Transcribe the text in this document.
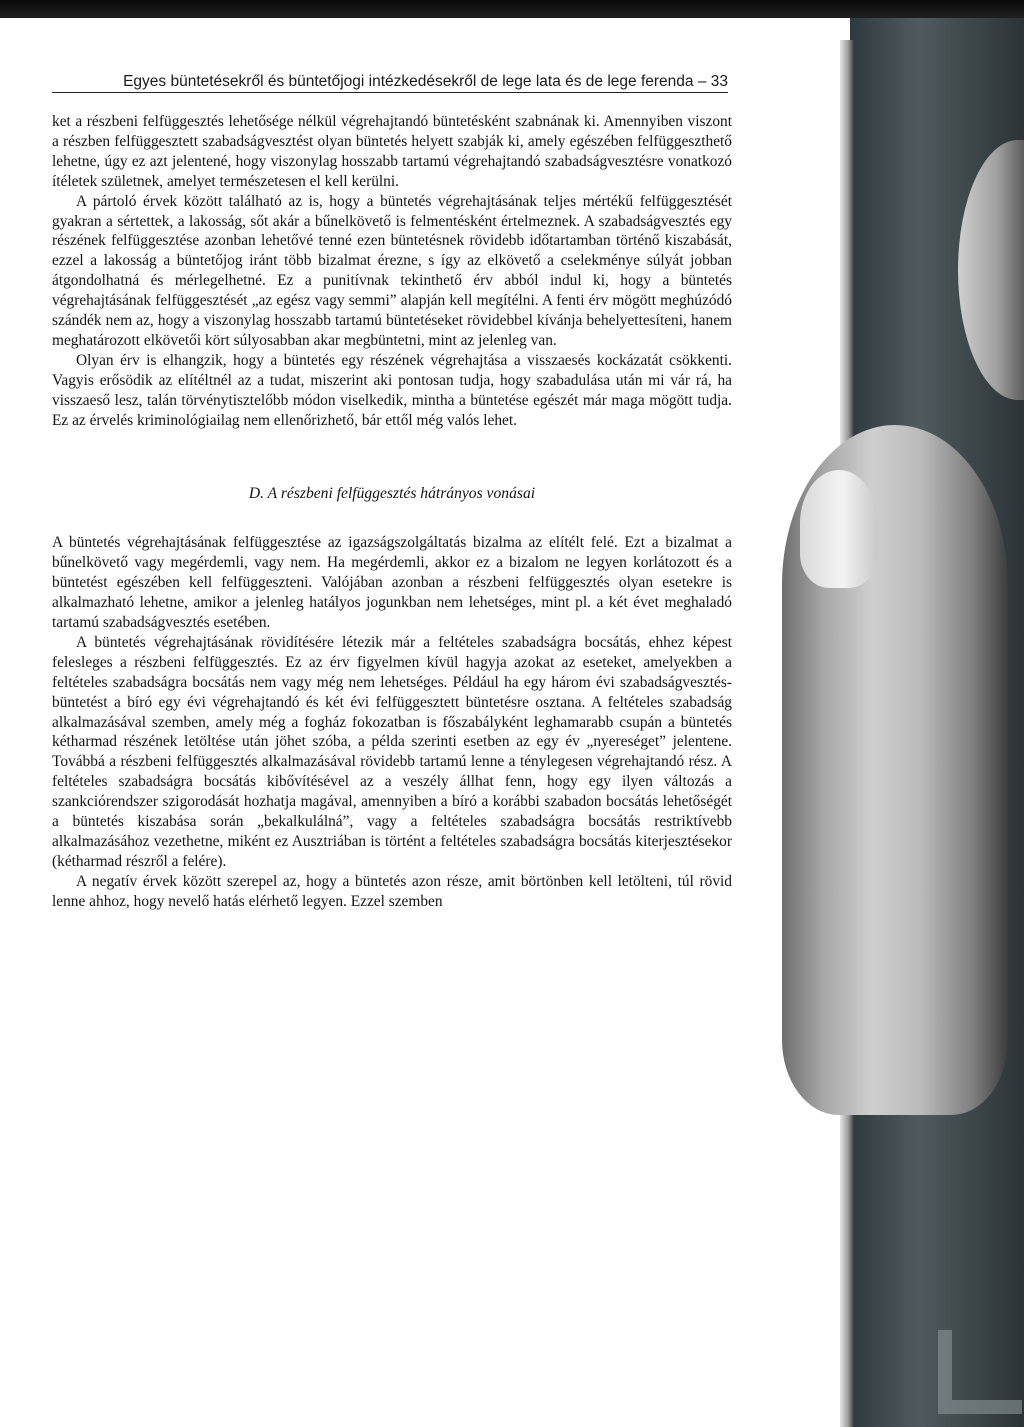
Egyes büntetésekről és büntetőjogi intézkedésekről de lege lata és de lege ferenda – 33

ket a részbeni felfüggesztés lehetősége nélkül végrehajtandó büntetésként szabnának ki. Amennyiben viszont a részben felfüggesztett szabadságvesztést olyan büntetés helyett szabják ki, amely egészében felfüggeszthető lehetne, úgy ez azt jelentené, hogy viszonylag hosszabb tartamú végrehajtandó szabadságvesztésre vonatkozó ítéletek születnek, amelyet természetesen el kell kerülni.

A pártoló érvek között található az is, hogy a büntetés végrehajtásának teljes mértékű felfüggesztését gyakran a sértettek, a lakosság, sőt akár a bűnelkövető is felmentésként értelmeznek. A szabadságvesztés egy részének felfüggesztése azonban lehetővé tenné ezen büntetésnek rövidebb időtartamban történő kiszabását, ezzel a lakosság a büntetőjog iránt több bizalmat érezne, s így az elkövető a cselekménye súlyát jobban átgondolhatná és mérlegelhetné. Ez a punitívnak tekinthető érv abból indul ki, hogy a büntetés végrehajtásának felfüggesztését „az egész vagy semmi” alapján kell megítélni. A fenti érv mögött meghúzódó szándék nem az, hogy a viszonylag hosszabb tartamú büntetéseket rövidebbel kívánja behelyettesíteni, hanem meghatározott elkövetői kört súlyosabban akar megbüntetni, mint az jelenleg van.

Olyan érv is elhangzik, hogy a büntetés egy részének végrehajtása a visszaesés kockázatát csökkenti. Vagyis erősödik az elítéltnél az a tudat, miszerint aki pontosan tudja, hogy szabadulása után mi vár rá, ha visszaeső lesz, talán törvénytisztelőbb módon viselkedik, mintha a büntetése egészét már maga mögött tudja. Ez az érvelés kriminológiailag nem ellenőrizhető, bár ettől még valós lehet.

D. A részbeni felfüggesztés hátrányos vonásai

A büntetés végrehajtásának felfüggesztése az igazságszolgáltatás bizalma az elítélt felé. Ezt a bizalmat a bűnelkövető vagy megérdemli, vagy nem. Ha megérdemli, akkor ez a bizalom ne legyen korlátozott és a büntetést egészében kell felfüggeszteni. Valójában azonban a részbeni felfüggesztés olyan esetekre is alkalmazható lehetne, amikor a jelenleg hatályos jogunkban nem lehetséges, mint pl. a két évet meghaladó tartamú szabadságvesztés esetében.

A büntetés végrehajtásának rövidítésére létezik már a feltételes szabadságra bocsátás, ehhez képest felesleges a részbeni felfüggesztés. Ez az érv figyelmen kívül hagyja azokat az eseteket, amelyekben a feltételes szabadságra bocsátás nem vagy még nem lehetséges. Például ha egy három évi szabadságvesztés-büntetést a bíró egy évi végrehajtandó és két évi felfüggesztett büntetésre osztana. A feltételes szabadság alkalmazásával szemben, amely még a fogház fokozatban is főszabályként leghamarabb csupán a büntetés kétharmad részének letöltése után jöhet szóba, a példa szerinti esetben az egy év „nyereséget” jelentene. Továbbá a részbeni felfüggesztés alkalmazásával rövidebb tartamú lenne a ténylegesen végrehajtandó rész. A feltételes szabadságra bocsátás kibővítésével az a veszély állhat fenn, hogy egy ilyen változás a szankciórendszer szigorodását hozhatja magával, amennyiben a bíró a korábbi szabadon bocsátás lehetőségét a büntetés kiszabása során „bekalkulálná”, vagy a feltételes szabadságra bocsátás restriktívebb alkalmazásához vezethetne, miként ez Ausztriában is történt a feltételes szabadságra bocsátás kiterjesztésekor (kétharmad részről a felére).

A negatív érvek között szerepel az, hogy a büntetés azon része, amit börtönben kell letölteni, túl rövid lenne ahhoz, hogy nevelő hatás elérhető legyen. Ezzel szemben
